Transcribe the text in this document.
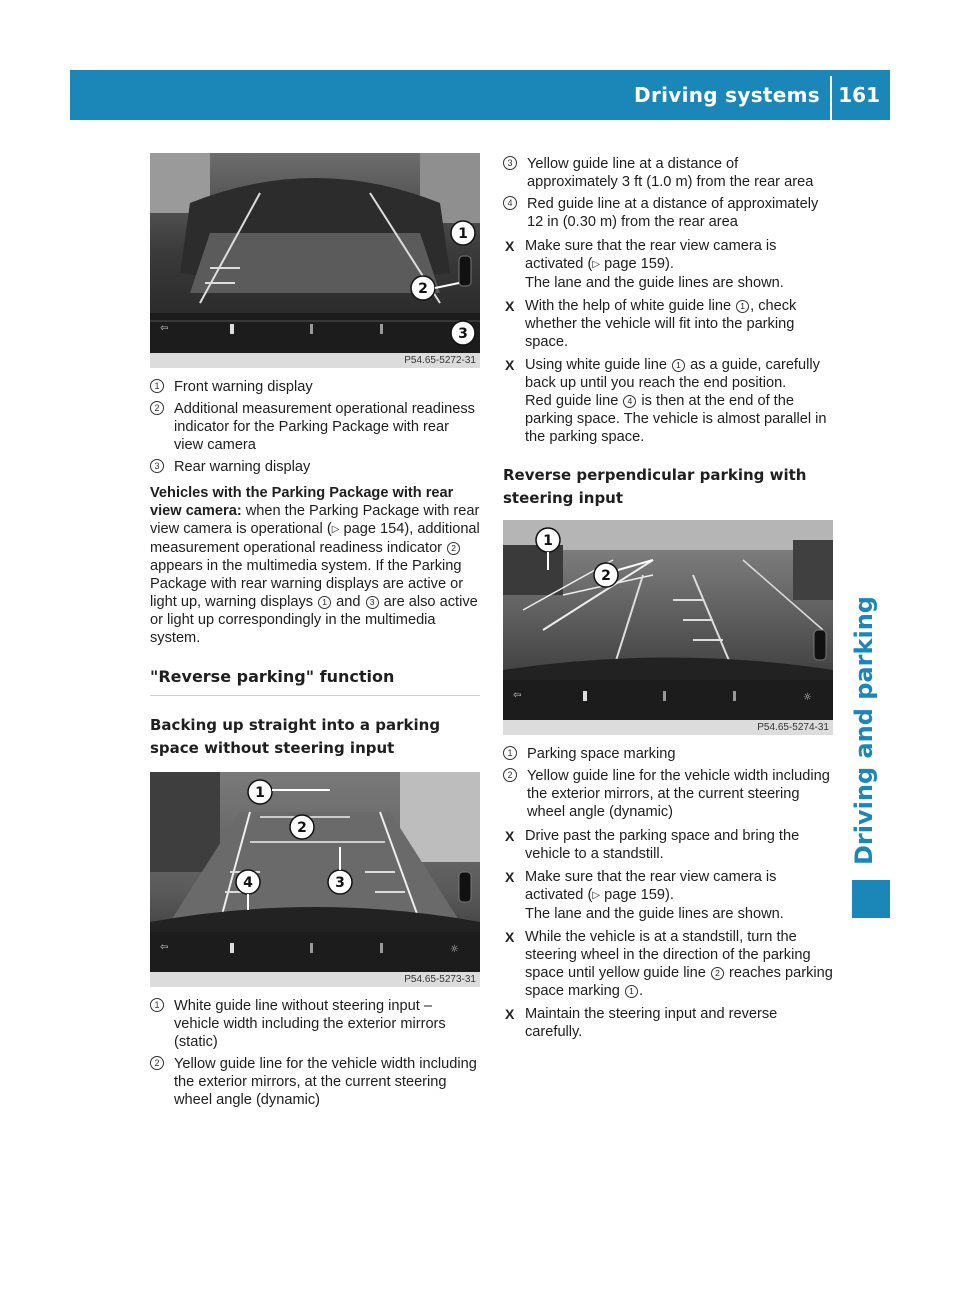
Driving systems 161
Driving and parking
⇦
1
2
3
P54.65-5272-31
1 Front warning display
2 Additional measurement operational readiness indicator for the Parking Package with rear view camera
3 Rear warning display

Vehicles with the Parking Package with rear view camera: when the Parking Package with rear view camera is operational (▷ page 154), additional measurement operational readiness indicator 2 appears in the multimedia system. If the Parking Package with rear warning displays are active or light up, warning displays 1 and 3 are also active or light up correspondingly in the multimedia system.

"Reverse parking" function
Backing up straight into a parking space without steering input
⇦	☼
1
2
3
4
P54.65-5273-31
1 White guide line without steering input – vehicle width including the exterior mirrors (static)
2 Yellow guide line for the vehicle width including the exterior mirrors, at the current steering wheel angle (dynamic)
3 Yellow guide line at a distance of approximately 3 ft (1.0 m) from the rear area
4 Red guide line at a distance of approximately 12 in (0.30 m) from the rear area
X Make sure that the rear view camera is activated (▷ page 159).
The lane and the guide lines are shown.
X With the help of white guide line 1 , check whether the vehicle will fit into the parking space.
X Using white guide line 1 as a guide, carefully back up until you reach the end position.
Red guide line 4 is then at the end of the parking space. The vehicle is almost parallel in the parking space.
Reverse perpendicular parking with steering input
⇦	☼
1
2
P54.65-5274-31
1 Parking space marking
2 Yellow guide line for the vehicle width including the exterior mirrors, at the current steering wheel angle (dynamic)
X Drive past the parking space and bring the vehicle to a standstill.
X Make sure that the rear view camera is activated (▷ page 159).
The lane and the guide lines are shown.
X While the vehicle is at a standstill, turn the steering wheel in the direction of the parking space until yellow guide line 2 reaches parking space marking 1 .
X Maintain the steering input and reverse carefully.
